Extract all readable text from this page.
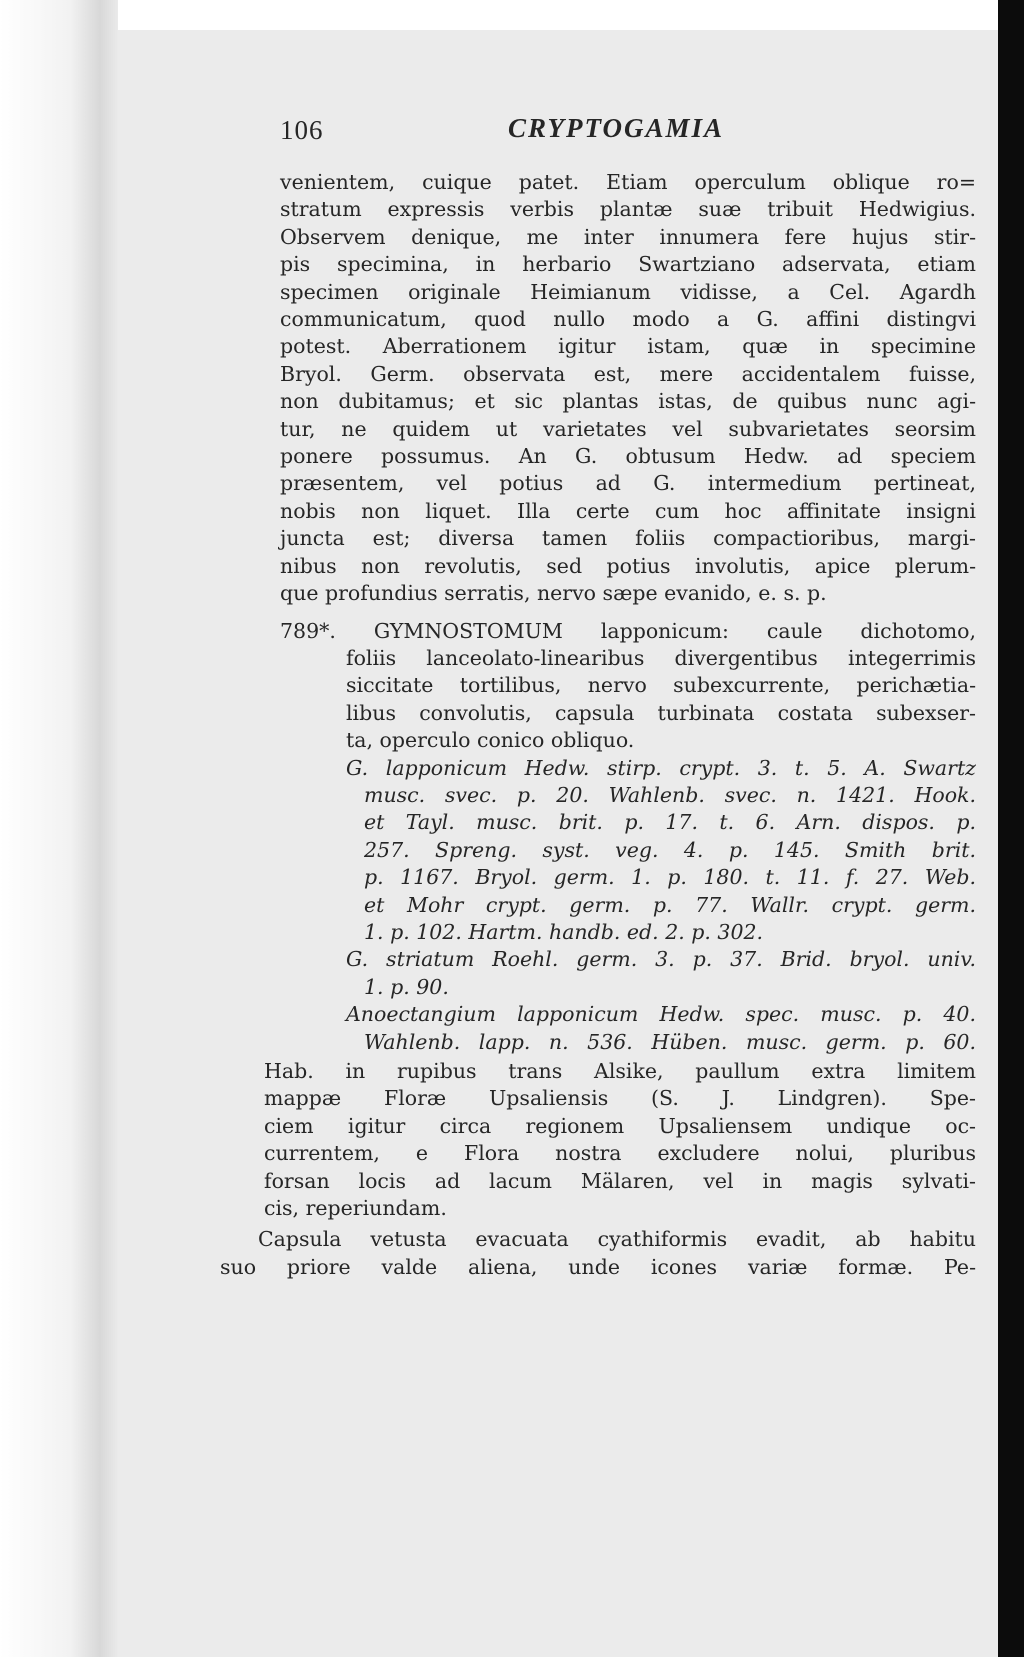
106	CRYPTOGAMIA
venientem, cuique patet. Etiam operculum oblique ro=
stratum expressis verbis plantæ suæ tribuit Hedwigius.
Observem denique, me inter innumera fere hujus stir-
pis specimina, in herbario Swartziano adservata, etiam
specimen originale Heimianum vidisse, a Cel. Agardh
communicatum, quod nullo modo a G. affini distingvi
potest. Aberrationem igitur istam, quæ in specimine
Bryol. Germ. observata est, mere accidentalem fuisse,
non dubitamus; et sic plantas istas, de quibus nunc agi-
tur, ne quidem ut varietates vel subvarietates seorsim
ponere possumus. An G. obtusum Hedw. ad speciem
præsentem, vel potius ad G. intermedium pertineat,
nobis non liquet. Illa certe cum hoc affinitate insigni
juncta est; diversa tamen foliis compactioribus, margi-
nibus non revolutis, sed potius involutis, apice plerum-
que profundius serratis, nervo sæpe evanido, e. s. p.
789*. GYMNOSTOMUM lapponicum: caule dichotomo,
foliis lanceolato-linearibus divergentibus integerrimis
siccitate tortilibus, nervo subexcurrente, perichætia-
libus convolutis, capsula turbinata costata subexser-
ta, operculo conico obliquo.
G. lapponicum Hedw. stirp. crypt. 3. t. 5. A. Swartz
musc. svec. p. 20. Wahlenb. svec. n. 1421. Hook.
et Tayl. musc. brit. p. 17. t. 6. Arn. dispos. p.
257. Spreng. syst. veg. 4. p. 145. Smith brit.
p. 1167. Bryol. germ. 1. p. 180. t. 11. f. 27. Web.
et Mohr crypt. germ. p. 77. Wallr. crypt. germ.
1. p. 102. Hartm. handb. ed. 2. p. 302.
G. striatum Roehl. germ. 3. p. 37. Brid. bryol. univ.
1. p. 90.
Anoectangium lapponicum Hedw. spec. musc. p. 40.
Wahlenb. lapp. n. 536. Hüben. musc. germ. p. 60.
Hab. in rupibus trans Alsike, paullum extra limitem
mappæ Floræ Upsaliensis (S. J. Lindgren). Spe-
ciem igitur circa regionem Upsaliensem undique oc-
currentem, e Flora nostra excludere nolui, pluribus
forsan locis ad lacum Mälaren, vel in magis sylvati-
cis, reperiundam.
Capsula vetusta evacuata cyathiformis evadit, ab habitu
suo priore valde aliena, unde icones variæ formæ. Pe-
